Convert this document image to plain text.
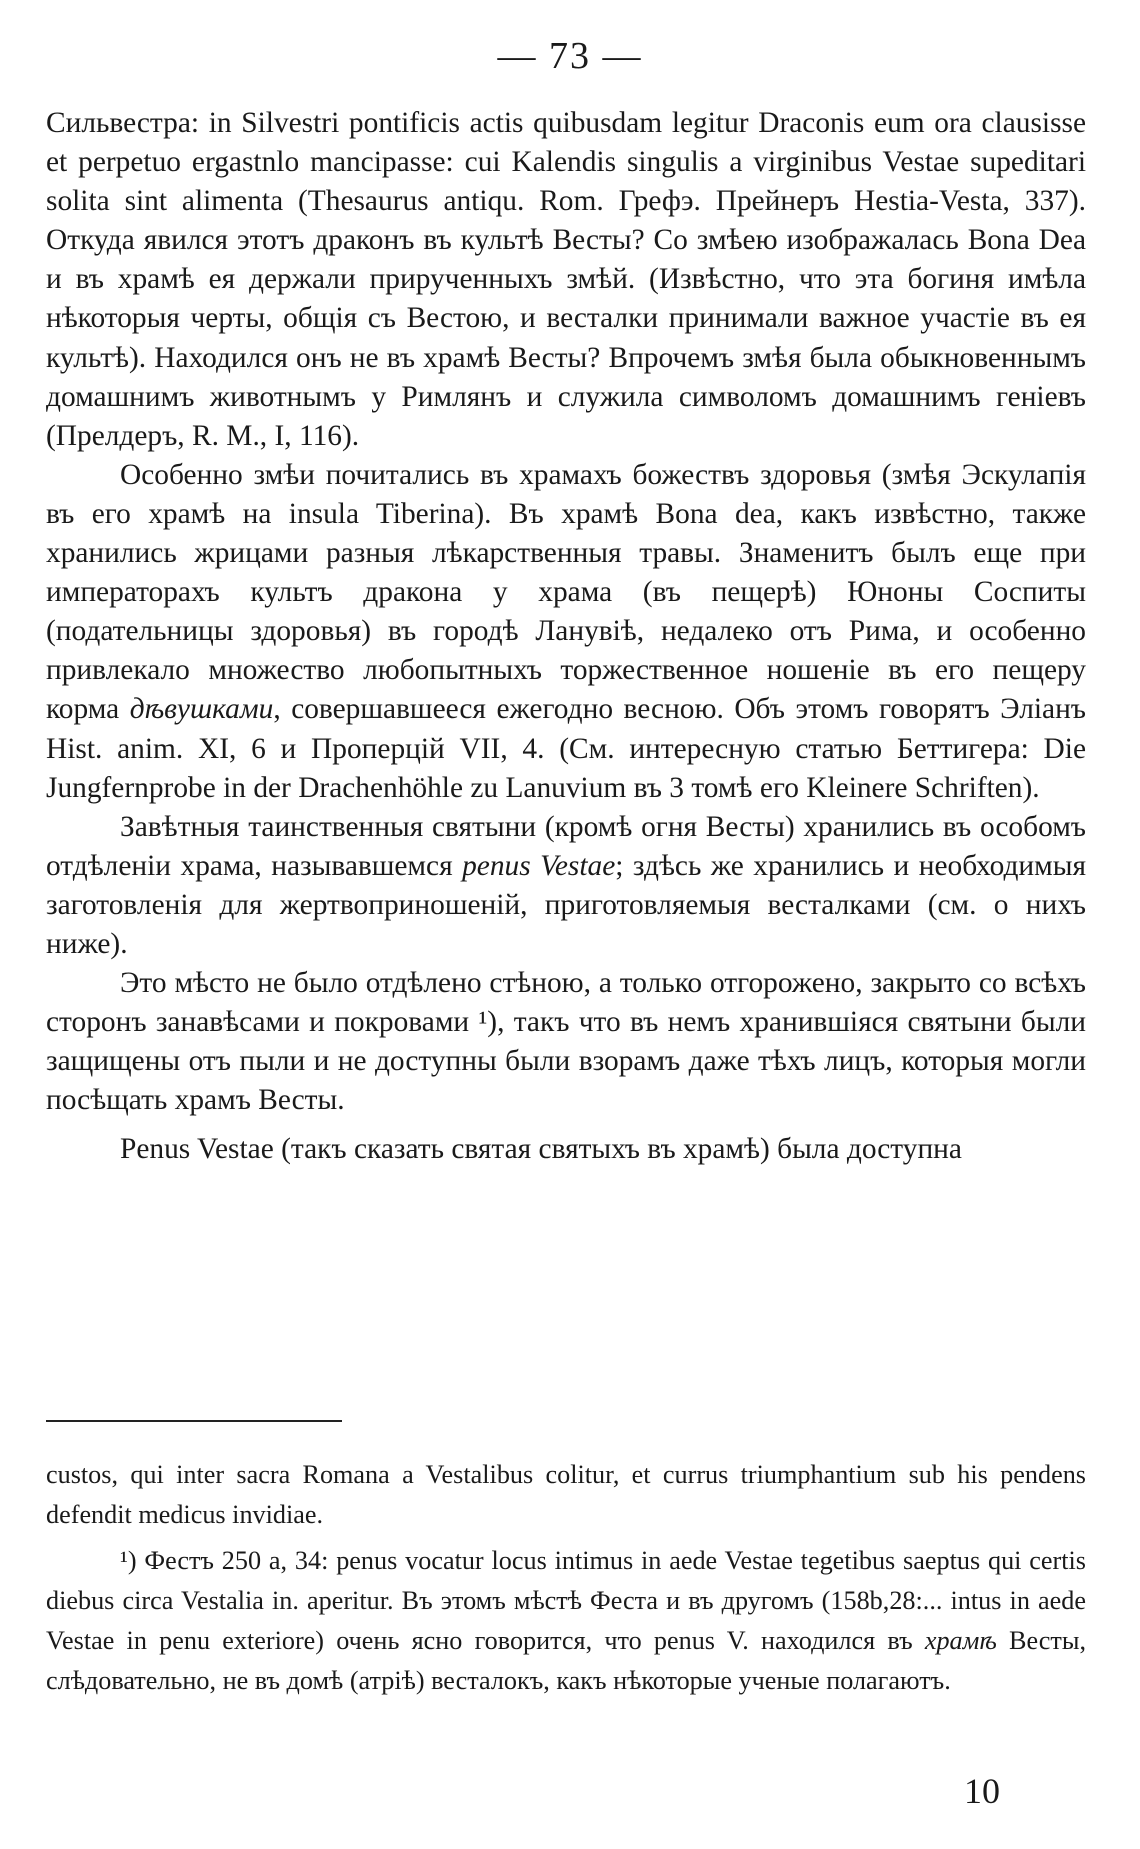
— 73 —

Сильвестра: in Silvestri pontificis actis quibusdam legitur Draconis eum ora clausisse et perpetuo ergastnlo mancipasse: cui Kalendis singulis a virginibus Vestae supeditari solita sint alimenta (Thesaurus antiqu. Rom. Грефэ. Прейнеръ Hestia-Vesta, 337). Откуда явился этотъ драконъ въ культѣ Весты? Со змѣею изображалась Bona Dea и въ храмѣ ея держали прирученныхъ змѣй. (Извѣстно, что эта богиня имѣла нѣкоторыя черты, общія съ Вестою, и весталки принимали важное участіе въ ея культѣ). Находился онъ не въ храмѣ Весты? Впрочемъ змѣя была обыкновеннымъ домашнимъ животнымъ у Римлянъ и служила символомъ домашнимъ геніевъ (Прелдеръ, R. M., I, 116).

Особенно змѣи почитались въ храмахъ божествъ здоровья (змѣя Эскулапія въ его храмѣ на insula Tiberina). Въ храмѣ Bona dea, какъ извѣстно, также хранились жрицами разныя лѣкарственныя травы. Знаменитъ былъ еще при императорахъ культъ дракона у храма (въ пещерѣ) Юноны Соспиты (подательницы здоровья) въ городѣ Ланувіѣ, недалеко отъ Рима, и особенно привлекало множество любопытныхъ торжественное ношеніе въ его пещеру корма дѣвушками, совершавшееся ежегодно весною. Объ этомъ говорятъ Эліанъ Hist. anim. XI, 6 и Проперцій VII, 4. (См. интересную статью Беттигера: Die Jungfernprobe in der Drachenhöhle zu Lanuvium въ 3 томѣ его Kleinere Schriften).

Завѣтныя таинственныя святыни (кромѣ огня Весты) хранились въ особомъ отдѣленіи храма, называвшемся penus Vestae; здѣсь же хранились и необходимыя заготовленія для жертвоприношеній, приготовляемыя весталками (см. о нихъ ниже).

Это мѣсто не было отдѣлено стѣною, а только отгорожено, закрыто со всѣхъ сторонъ занавѣсами и покровами ¹), такъ что въ немъ хранившіяся святыни были защищены отъ пыли и не доступны были взорамъ даже тѣхъ лицъ, которыя могли посѣщать храмъ Весты.

Penus Vestae (такъ сказать святая святыхъ въ храмѣ) была доступна

custos, qui inter sacra Romana a Vestalibus colitur, et currus triumphantium sub his pendens defendit medicus invidiae.

¹) Фестъ 250 а, 34: penus vocatur locus intimus in aede Vestae tegetibus saeptus qui certis diebus circa Vestalia in. aperitur. Въ этомъ мѣстѣ Феста и въ другомъ (158b,28:... intus in aede Vestae in penu exteriore) очень ясно говорится, что penus V. находился въ храмѣ Весты, слѣдовательно, не въ домѣ (атріѣ) весталокъ, какъ нѣкоторые ученые полагаютъ.

10
